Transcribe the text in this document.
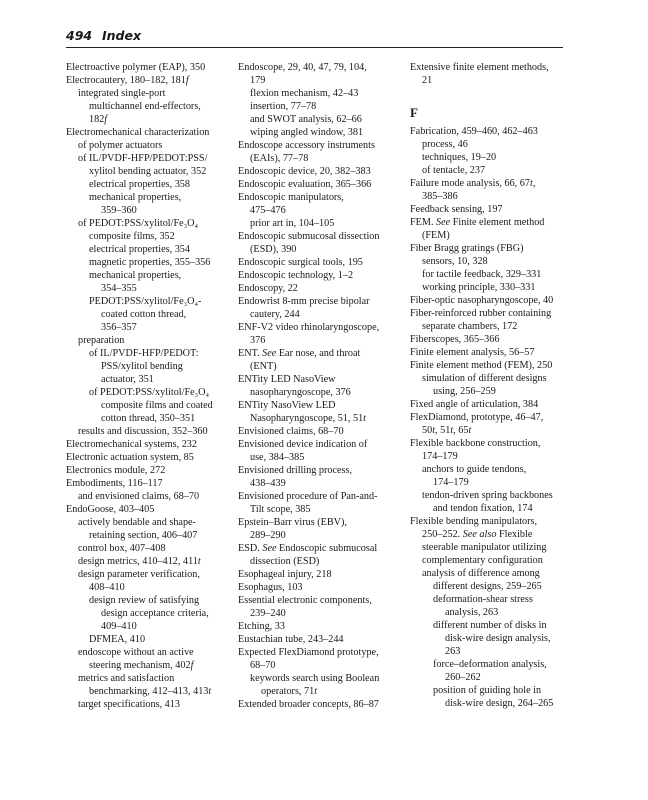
494 Index
Electroactive polymer (EAP), 350
Electrocautery, 180–182, 181f
integrated single-port
multichannel end-effectors,
182f
Electromechanical characterization
of polymer actuators
of IL/PVDF-HFP/PEDOT:PSS/
xylitol bending actuator, 352
electrical properties, 358
mechanical properties,
359–360
of PEDOT:PSS/xylitol/Fe₃O₄
composite films, 352
electrical properties, 354
magnetic properties, 355–356
mechanical properties,
354–355
PEDOT:PSS/xylitol/Fe₃O₄-
coated cotton thread,
356–357
preparation
of IL/PVDF-HFP/PEDOT:
PSS/xylitol bending
actuator, 351
of PEDOT:PSS/xylitol/Fe₃O₄
composite films and coated
cotton thread, 350–351
results and discussion, 352–360
Electromechanical systems, 232
Electronic actuation system, 85
Electronics module, 272
Embodiments, 116–117
and envisioned claims, 68–70
EndoGoose, 403–405
actively bendable and shape-
retaining section, 406–407
control box, 407–408
design metrics, 410–412, 411t
design parameter verification,
408–410
design review of satisfying
design acceptance criteria,
409–410
DFMEA, 410
endoscope without an active
steering mechanism, 402f
metrics and satisfaction
benchmarking, 412–413, 413t
target specifications, 413
Endoscope, 29, 40, 47, 79, 104,
179
flexion mechanism, 42–43
insertion, 77–78
and SWOT analysis, 62–66
wiping angled window, 381
Endoscope accessory instruments
(EAIs), 77–78
Endoscopic device, 20, 382–383
Endoscopic evaluation, 365–366
Endoscopic manipulators,
475–476
prior art in, 104–105
Endoscopic submucosal dissection
(ESD), 390
Endoscopic surgical tools, 195
Endoscopic technology, 1–2
Endoscopy, 22
Endowrist 8-mm precise bipolar
cautery, 244
ENF-V2 video rhinolaryngoscope,
376
ENT. See Ear nose, and throat
(ENT)
ENTity LED NasoView
nasopharyngoscope, 376
ENTity NasoView LED
Nasopharyngoscope, 51, 51t
Envisioned claims, 68–70
Envisioned device indication of
use, 384–385
Envisioned drilling process,
438–439
Envisioned procedure of Pan-and-
Tilt scope, 385
Epstein–Barr virus (EBV),
289–290
ESD. See Endoscopic submucosal
dissection (ESD)
Esophageal injury, 218
Esophagus, 103
Essential electronic components,
239–240
Etching, 33
Eustachian tube, 243–244
Expected FlexDiamond prototype,
68–70
keywords search using Boolean
operators, 71t
Extended broader concepts, 86–87
Extensive finite element methods,
21
F
Fabrication, 459–460, 462–463
process, 46
techniques, 19–20
of tentacle, 237
Failure mode analysis, 66, 67t,
385–386
Feedback sensing, 197
FEM. See Finite element method
(FEM)
Fiber Bragg gratings (FBG)
sensors, 10, 328
for tactile feedback, 329–331
working principle, 330–331
Fiber-optic nasopharyngoscope, 40
Fiber-reinforced rubber containing
separate chambers, 172
Fiberscopes, 365–366
Finite element analysis, 56–57
Finite element method (FEM), 250
simulation of different designs
using, 256–259
Fixed angle of articulation, 384
FlexDiamond, prototype, 46–47,
50t, 51t, 65t
Flexible backbone construction,
174–179
anchors to guide tendons,
174–179
tendon-driven spring backbones
and tendon fixation, 174
Flexible bending manipulators,
250–252. See also Flexible
steerable manipulator utilizing
complementary configuration
analysis of difference among
different designs, 259–265
deformation-shear stress
analysis, 263
different number of disks in
disk-wire design analysis,
263
force–deformation analysis,
260–262
position of guiding hole in
disk-wire design, 264–265
